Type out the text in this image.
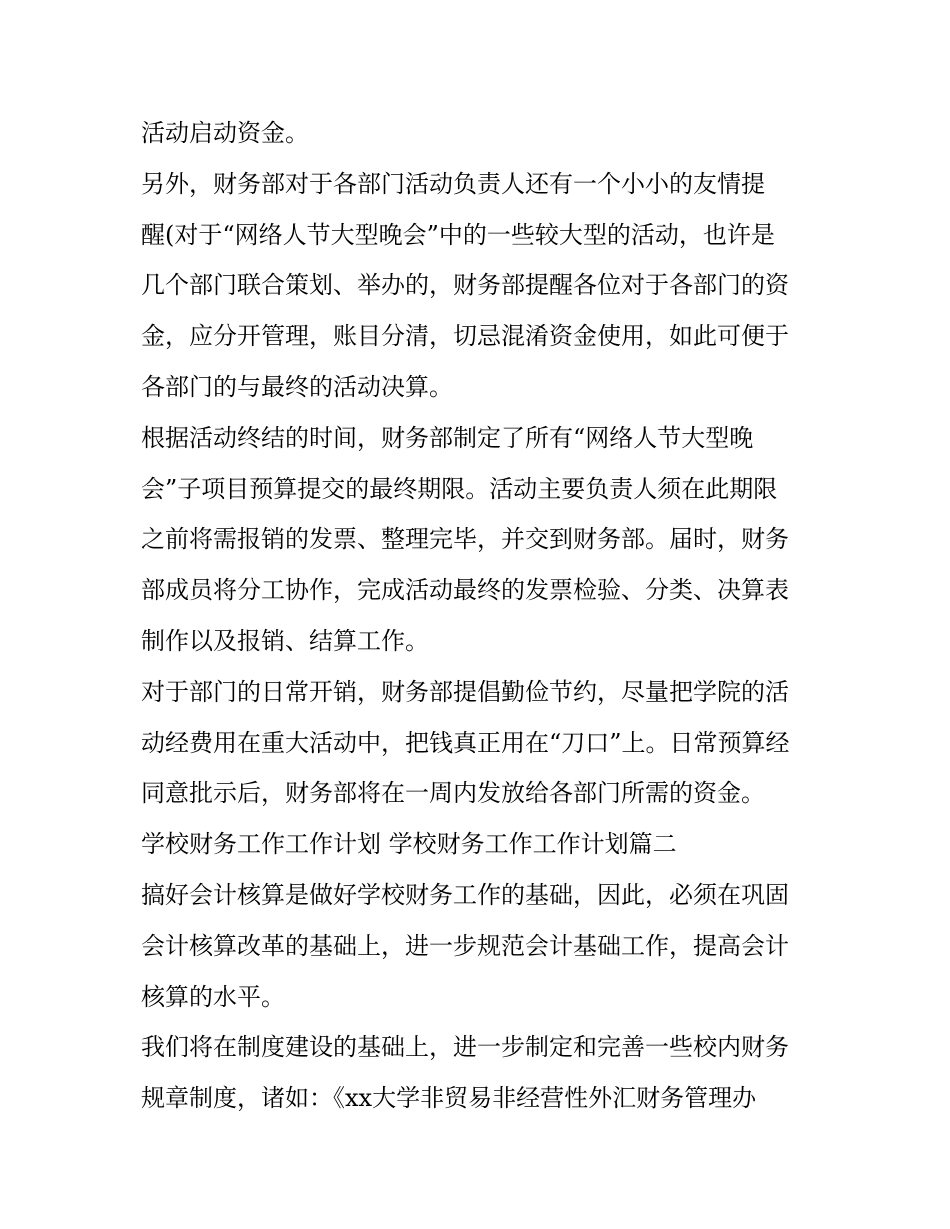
活动启动资金。
另外，财务部对于各部门活动负责人还有一个小小的友情提
醒(对于“网络人节大型晚会”中的一些较大型的活动，也许是
几个部门联合策划、举办的，财务部提醒各位对于各部门的资
金，应分开管理，账目分清，切忌混淆资金使用，如此可便于
各部门的与最终的活动决算。
根据活动终结的时间，财务部制定了所有“网络人节大型晚
会”子项目预算提交的最终期限。活动主要负责人须在此期限
之前将需报销的发票、整理完毕，并交到财务部。届时，财务
部成员将分工协作，完成活动最终的发票检验、分类、决算表
制作以及报销、结算工作。
对于部门的日常开销，财务部提倡勤俭节约，尽量把学院的活
动经费用在重大活动中，把钱真正用在“刀口”上。日常预算经
同意批示后，财务部将在一周内发放给各部门所需的资金。
学校财务工作工作计划 学校财务工作工作计划篇二
搞好会计核算是做好学校财务工作的基础，因此，必须在巩固
会计核算改革的基础上，进一步规范会计基础工作，提高会计
核算的水平。
我们将在制度建设的基础上，进一步制定和完善一些校内财务
规章制度，诸如：《xx大学非贸易非经营性外汇财务管理办
